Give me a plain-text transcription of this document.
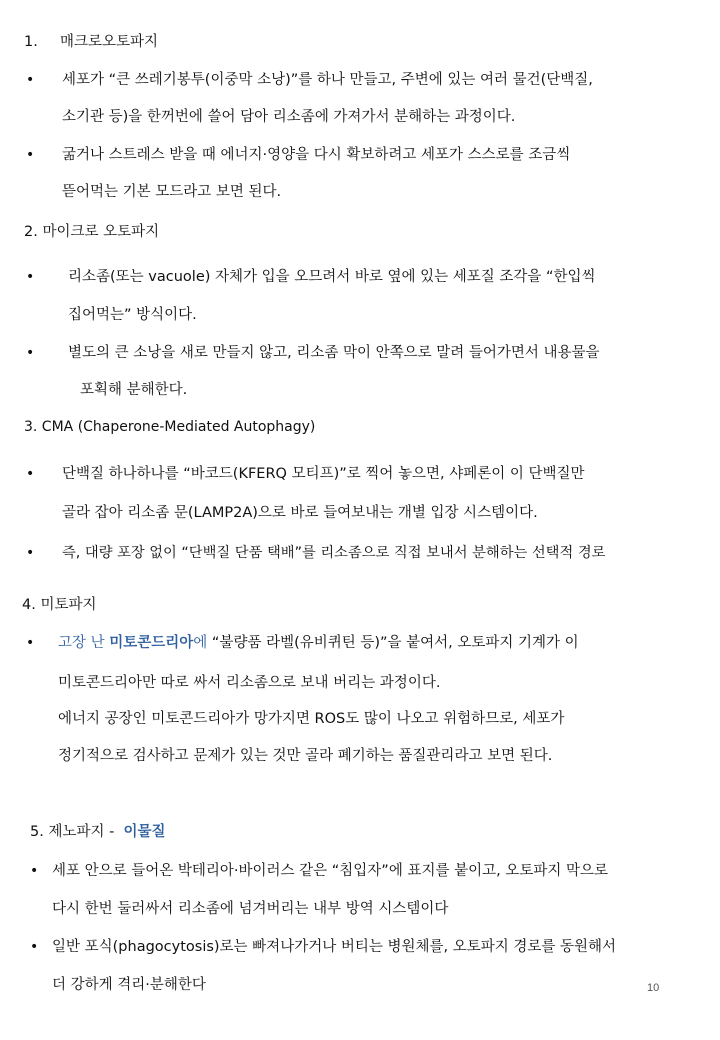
1. 매크로오토파지
• 세포가 “큰 쓰레기봉투(이중막 소낭)”를 하나 만들고, 주변에 있는 여러 물건(단백질,
소기관 등)을 한꺼번에 쓸어 담아 리소좀에 가져가서 분해하는 과정이다.
• 굶거나 스트레스 받을 때 에너지·영양을 다시 확보하려고 세포가 스스로를 조금씩
뜯어먹는 기본 모드라고 보면 된다.
2. 마이크로 오토파지
• 리소좀(또는 vacuole) 자체가 입을 오므려서 바로 옆에 있는 세포질 조각을 “한입씩
집어먹는” 방식이다.
• 별도의 큰 소낭을 새로 만들지 않고, 리소좀 막이 안쪽으로 말려 들어가면서 내용물을
포획해 분해한다.
3. CMA (Chaperone-Mediated Autophagy)
• 단백질 하나하나를 “바코드(KFERQ 모티프)”로 찍어 놓으면, 샤페론이 이 단백질만
골라 잡아 리소좀 문(LAMP2A)으로 바로 들여보내는 개별 입장 시스템이다.
• 즉, 대량 포장 없이 “단백질 단품 택배”를 리소좀으로 직접 보내서 분해하는 선택적 경로
4. 미토파지
• 고장 난 미토콘드리아에 “불량품 라벨(유비퀴틴 등)”을 붙여서, 오토파지 기계가 이
미토콘드리아만 따로 싸서 리소좀으로 보내 버리는 과정이다.
에너지 공장인 미토콘드리아가 망가지면 ROS도 많이 나오고 위험하므로, 세포가
정기적으로 검사하고 문제가 있는 것만 골라 폐기하는 품질관리라고 보면 된다.
5. 제노파지 -  이물질
• 세포 안으로 들어온 박테리아·바이러스 같은 “침입자”에 표지를 붙이고, 오토파지 막으로
다시 한번 둘러싸서 리소좀에 넘겨버리는 내부 방역 시스템이다
• 일반 포식(phagocytosis)로는 빠져나가거나 버티는 병원체를, 오토파지 경로를 동원해서
더 강하게 격리·분해한다	10
